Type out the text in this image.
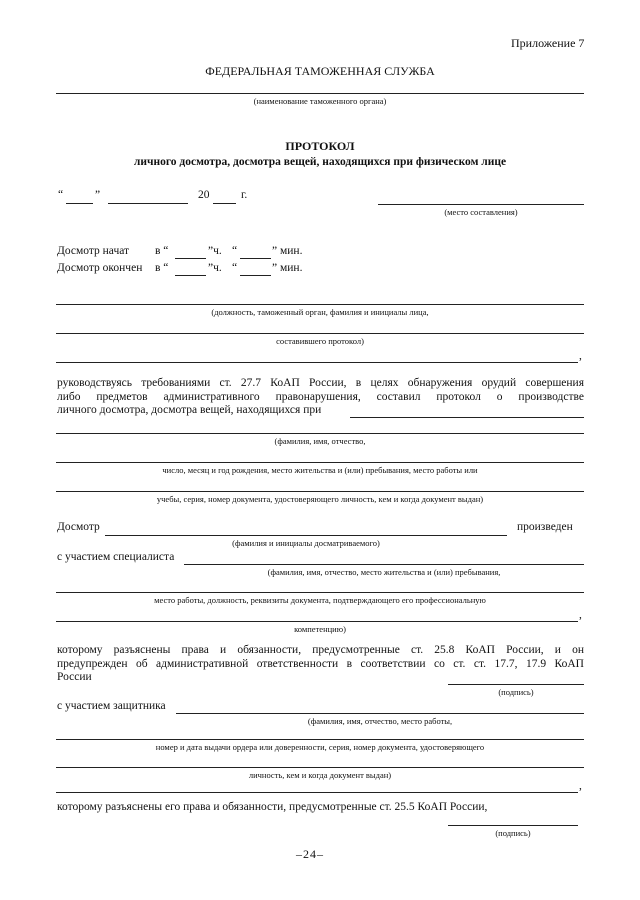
Приложение 7
ФЕДЕРАЛЬНАЯ ТАМОЖЕННАЯ СЛУЖБА
(наименование таможенного органа)
ПРОТОКОЛ
личного досмотра, досмотра вещей, находящихся при физическом лице
“	”	20	г.
(место составления)
Досмотр начат в “	”ч. “	” мин.
Досмотр окончен в “	”ч. “	” мин.
(должность, таможенный орган, фамилия и инициалы лица,
составившего протокол)
,
руководствуясь требованиями ст. 27.7 КоАП России, в целях обнаружения орудий совершения
либо предметов административного правонарушения, составил протокол о производстве
личного досмотра, досмотра вещей, находящихся при
(фамилия, имя, отчество,
число, месяц и год рождения, место жительства и (или) пребывания, место работы или
учебы, серия, номер документа, удостоверяющего личность, кем и когда документ выдан)
Досмотр	произведен
(фамилия и инициалы досматриваемого)
с участием специалиста
(фамилия, имя, отчество, место жительства и (или) пребывания,
место работы, должность, реквизиты документа, подтверждающего его профессиональную
,
компетенцию)
которому разъяснены права и обязанности, предусмотренные ст. 25.8 КоАП России, и он
предупрежден об административной ответственности в соответствии со ст. ст. 17.7, 17.9 КоАП
России
(подпись)
с участием защитника
(фамилия, имя, отчество, место работы,
номер и дата выдачи ордера или доверенности, серия, номер документа, удостоверяющего
личность, кем и когда документ выдан)
,
которому разъяснены его права и обязанности, предусмотренные ст. 25.5 КоАП России,
(подпись)
–24–
